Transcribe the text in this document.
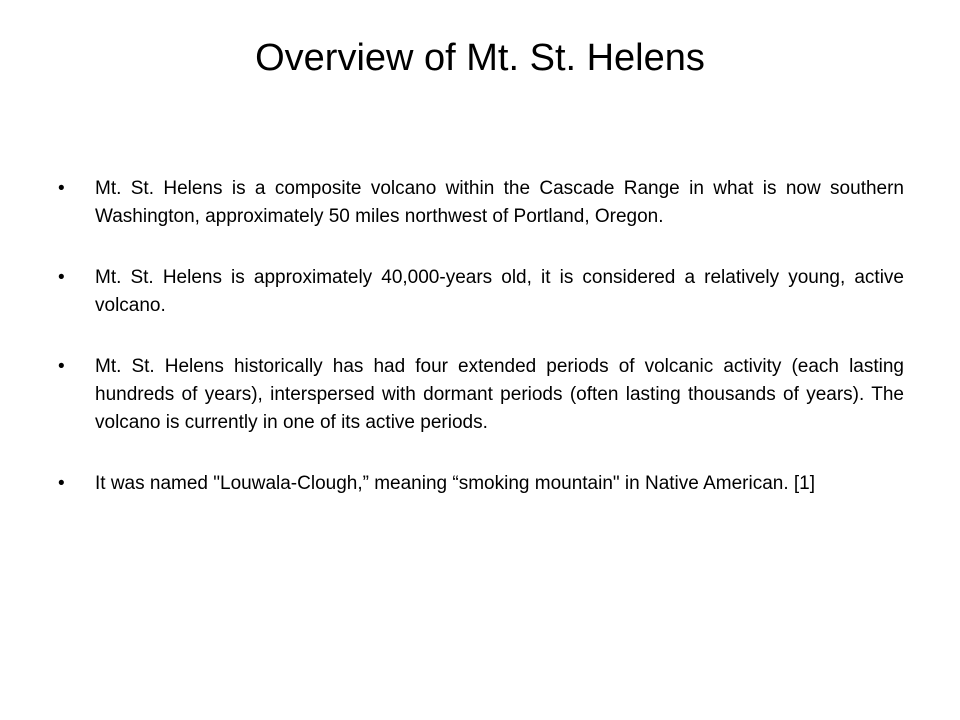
Overview of Mt. St. Helens
•	Mt. St. Helens is a composite volcano within the Cascade Range in what is now southern Washington, approximately 50 miles northwest of Portland, Oregon.
•	Mt. St. Helens is approximately 40,000-years old, it is considered a relatively young, active volcano.
•	Mt. St. Helens historically has had four extended periods of volcanic activity (each lasting hundreds of years), interspersed with dormant periods (often lasting thousands of years). The volcano is currently in one of its active periods.
•	It was named "Louwala-Clough,” meaning “smoking mountain" in Native American. [1]
